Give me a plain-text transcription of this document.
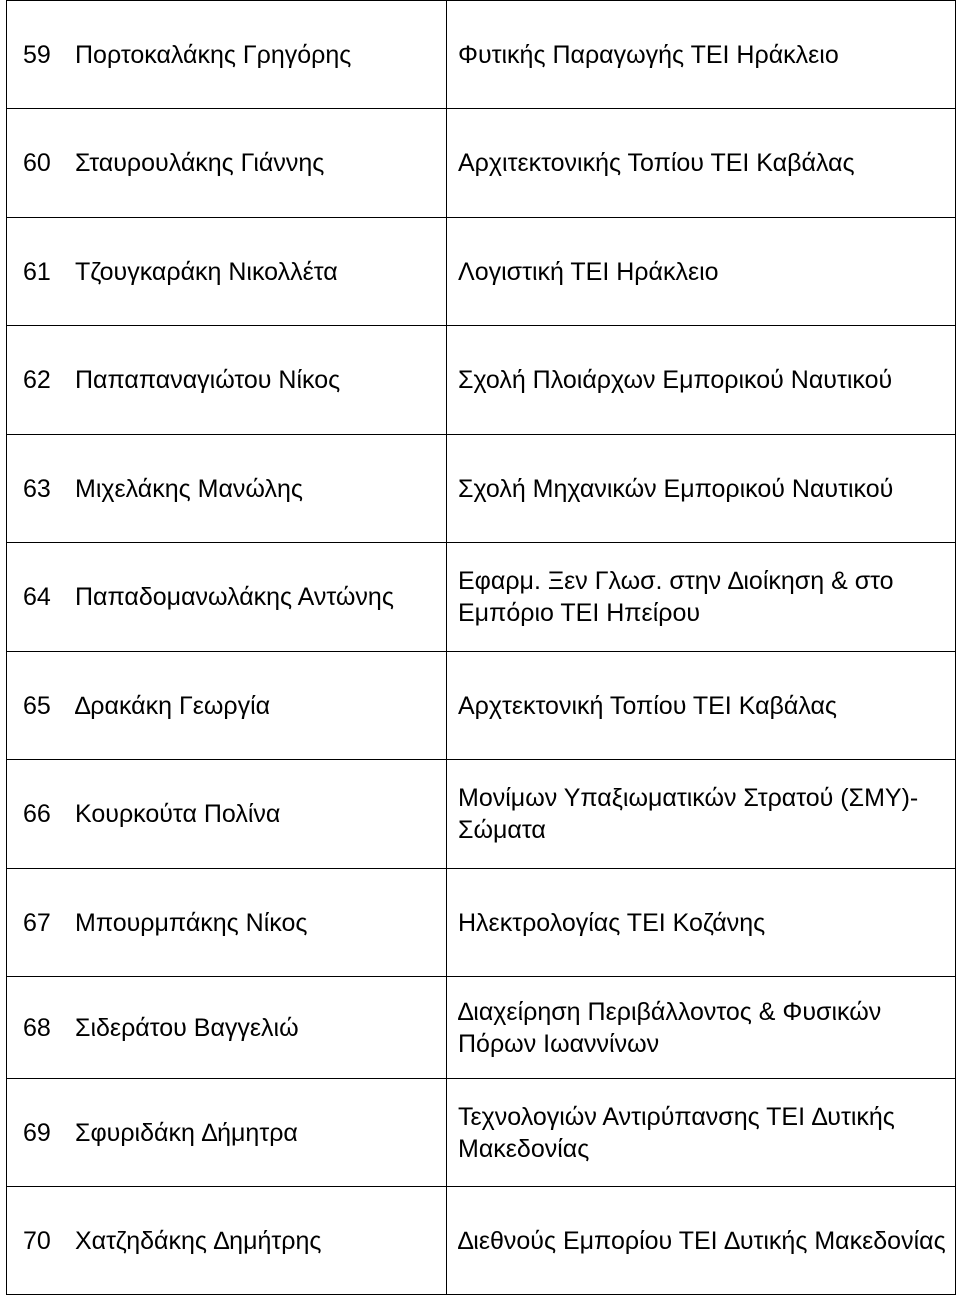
59 Πορτοκαλάκης Γρηγόρης	Φυτικής Παραγωγής ΤΕΙ Ηράκλειο
60 Σταυρουλάκης Γιάννης	Αρχιτεκτονικής Τοπίου ΤΕΙ Καβάλας
61 Τζουγκαράκη Νικολλέτα	Λογιστική ΤΕΙ Ηράκλειο
62 Παπαπαναγιώτου Νίκος	Σχολή Πλοιάρχων Εμπορικού Ναυτικού
63 Μιχελάκης Μανώλης	Σχολή Μηχανικών Εμπορικού Ναυτικού
64 Παπαδομανωλάκης Αντώνης	Εφαρμ. Ξεν Γλωσ. στην ∆ιοίκηση & στο Εμπόριο ΤΕΙ Ηπείρου
65 ∆ρακάκη Γεωργία	Αρχτεκτονική Τοπίου ΤΕΙ Καβάλας
66 Κουρκούτα Πολίνα	Μονίμων Υπαξιωματικών Στρατού (ΣΜΥ)-Σώματα
67 Μπουρμπάκης Νίκος	Ηλεκτρολογίας ΤΕΙ Κοζάνης
68 Σιδεράτου Βαγγελιώ	∆ιαχείρηση Περιβάλλοντος & Φυσικών Πόρων Ιωαννίνων
69 Σφυριδάκη ∆ήμητρα	Τεχνολογιών Αντιρύπανσης ΤΕΙ ∆υτικής Μακεδονίας
70 Χατζηδάκης ∆ημήτρης	∆ιεθνούς Εμπορίου ΤΕΙ ∆υτικής Μακεδονίας
